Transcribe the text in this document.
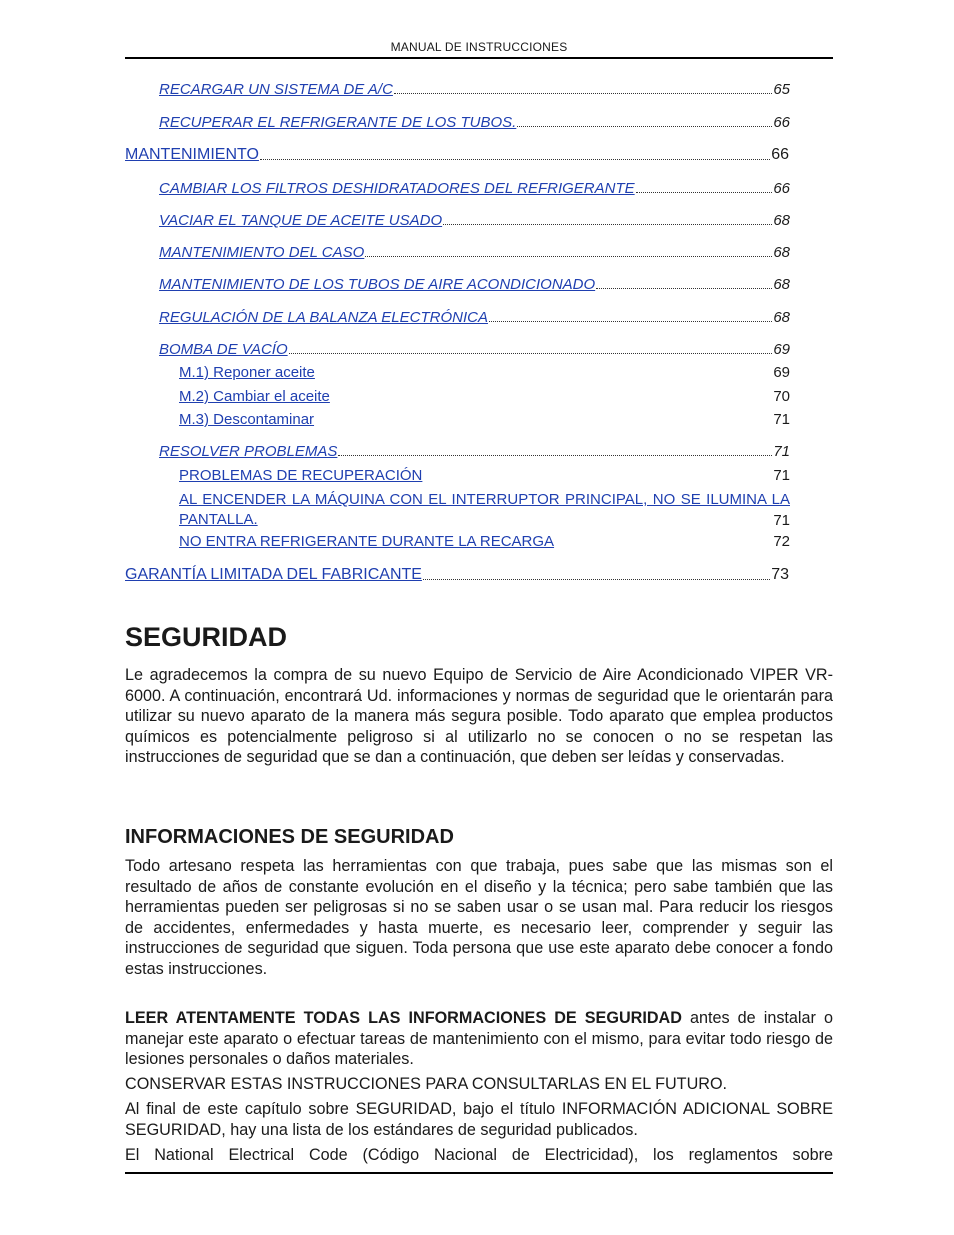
MANUAL DE INSTRUCCIONES
RECARGAR UN SISTEMA DE A/C	65
RECUPERAR EL REFRIGERANTE DE LOS TUBOS.	66
MANTENIMIENTO	66
CAMBIAR LOS FILTROS DESHIDRATADORES DEL REFRIGERANTE	66
VACIAR EL TANQUE DE ACEITE USADO	68
MANTENIMIENTO DEL CASO	68
MANTENIMIENTO DE LOS TUBOS DE AIRE ACONDICIONADO	68
REGULACIÓN DE LA BALANZA ELECTRÓNICA	68
BOMBA DE VACÍO	69
M.1) Reponer aceite	69
M.2) Cambiar el aceite	70
M.3) Descontaminar	71
RESOLVER PROBLEMAS	71
PROBLEMAS DE RECUPERACIÓN	71
AL ENCENDER LA MÁQUINA CON EL INTERRUPTOR PRINCIPAL, NO SE ILUMINA LA PANTALLA.	71
NO ENTRA REFRIGERANTE DURANTE LA RECARGA	72
GARANTÍA LIMITADA DEL FABRICANTE	73
SEGURIDAD

Le agradecemos la compra de su nuevo Equipo de Servicio de Aire Acondicionado VIPER VR-6000. A continuación, encontrará Ud. informaciones y normas de seguridad que le orientarán para utilizar su nuevo aparato de la manera más segura posible. Todo aparato que emplea productos químicos es potencialmente peligroso si al utilizarlo no se conocen o no se respetan las instrucciones de seguridad que se dan a continuación, que deben ser leídas y conservadas.

INFORMACIONES DE SEGURIDAD

Todo artesano respeta las herramientas con que trabaja, pues sabe que las mismas son el resultado de años de constante evolución en el diseño y la técnica; pero sabe también que las herramientas pueden ser peligrosas si no se saben usar o se usan mal. Para reducir los riesgos de accidentes, enfermedades y hasta muerte, es necesario leer, comprender y seguir las instrucciones de seguridad que siguen. Toda persona que use este aparato debe conocer a fondo estas instrucciones.

LEER ATENTAMENTE TODAS LAS INFORMACIONES DE SEGURIDAD antes de instalar o manejar este aparato o efectuar tareas de mantenimiento con el mismo, para evitar todo riesgo de lesiones personales o daños materiales.

CONSERVAR ESTAS INSTRUCCIONES PARA CONSULTARLAS EN EL FUTURO.

Al final de este capítulo sobre SEGURIDAD, bajo el título INFORMACIÓN ADICIONAL SOBRE SEGURIDAD, hay una lista de los estándares de seguridad publicados.

El National Electrical Code (Código Nacional de Electricidad), los reglamentos sobre
